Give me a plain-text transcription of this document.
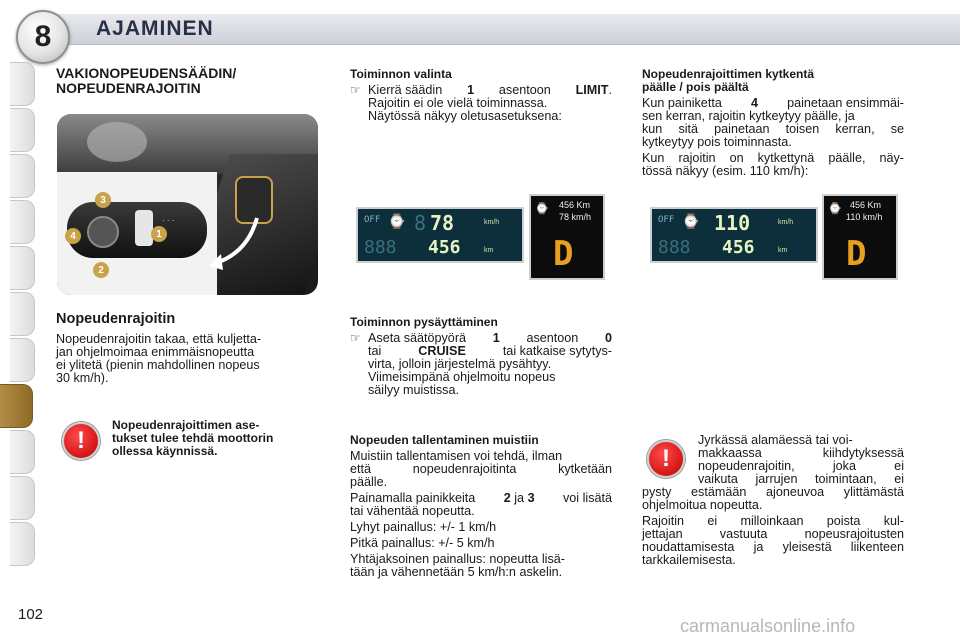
8 AJAMINEN
VAKIONOPEUDENSÄÄDIN/
NOPEUDENRAJOITIN
· · ·
3
4	1
2
Nopeudenrajoitin
Nopeudenrajoitin takaa, että kuljetta-
jan ohjelmoimaa enimmäisnopeutta
ei ylitetä (pienin mahdollinen nopeus
30 km/h).
!
Nopeudenrajoittimen ase-
tukset tulee tehdä moottorin
ollessa käynnissä.
Toiminnon valinta
☞ Kierrä säädin 1 asentoon LIMIT.
Rajoitin ei ole vielä toiminnassa.
Näytössä näkyy oletusasetuksena:
OFF ⌚ 8 78	km/h
888 456	km
⌚ 456 Km
78 km/h
D
Toiminnon pysäyttäminen
☞ Aseta säätöpyörä 1 asentoon 0
tai	CRUISE	tai katkaise sytytys-
virta, jolloin järjestelmä pysähtyy.
Viimeisimpänä ohjelmoitu nopeus
säilyy muistissa.
Nopeuden tallentaminen muistiin

Muistiin tallentamisen voi tehdä, ilman
että nopeudenrajoitinta kytketään
päälle.

Painamalla painikkeita 2 ja 3 voi lisätä
tai vähentää nopeutta.

Lyhyt painallus: +/- 1 km/h

Pitkä painallus: +/- 5 km/h

Yhtäjaksoinen painallus: nopeutta lisä-
tään ja vähennetään 5 km/h:n askelin.

Nopeudenrajoittimen kytkentä
päälle / pois päältä

Kun painiketta 4 painetaan ensimmäi-
sen kerran, rajoitin kytkeytyy päälle, ja
kun sitä painetaan toisen kerran, se
kytkeytyy pois toiminnasta.

Kun rajoitin on kytkettynä päälle, näy-
tössä näkyy (esim. 110 km/h):

OFF ⌚ 110	km/h
888 456	km
⌚ 456 Km
110 km/h
D
!
Jyrkässä alamäessä tai voi-
makkaassa kiihdytyksessä
nopeudenrajoitin, joka ei
vaikuta jarrujen toimintaan, ei
pysty estämään ajoneuvoa ylittämästä
ohjelmoitua nopeutta.
Rajoitin ei milloinkaan poista kul-
jettajan vastuuta nopeusrajoitusten
noudattamisesta ja yleisestä liikenteen
tarkkailemisesta.
102
carmanualsonline.info
